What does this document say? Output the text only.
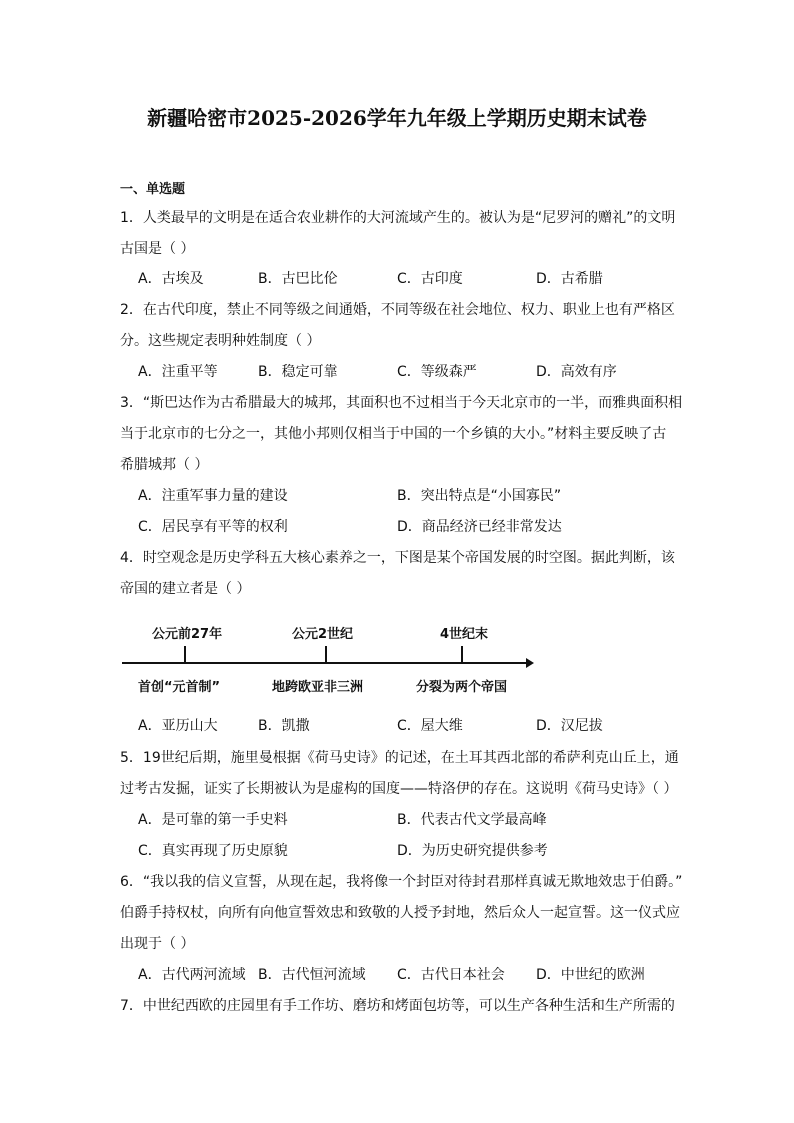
新疆哈密市2025-2026学年九年级上学期历史期末试卷
一、单选题
1．人类最早的文明是在适合农业耕作的大河流域产生的。被认为是“尼罗河的赠礼”的文明
古国是（ ）
A．古埃及	B．古巴比伦	C．古印度	D．古希腊
2．在古代印度，禁止不同等级之间通婚，不同等级在社会地位、权力、职业上也有严格区
分。这些规定表明种姓制度（ ）
A．注重平等	B．稳定可靠	C．等级森严	D．高效有序
3．“斯巴达作为古希腊最大的城邦，其面积也不过相当于今天北京市的一半，而雅典面积相
当于北京市的七分之一，其他小邦则仅相当于中国的一个乡镇的大小。”材料主要反映了古
希腊城邦（ ）
A．注重军事力量的建设	B．突出特点是“小国寡民”
C．居民享有平等的权利	D．商品经济已经非常发达
4．时空观念是历史学科五大核心素养之一，下图是某个帝国发展的时空图。据此判断，该
帝国的建立者是（ ）
公元前27年	公元2世纪	4世纪末
首创“元首制”	地跨欧亚非三洲	分裂为两个帝国
A．亚历山大	B．凯撒	C．屋大维	D．汉尼拔
5．19世纪后期，施里曼根据《荷马史诗》的记述，在土耳其西北部的希萨利克山丘上，通
过考古发掘，证实了长期被认为是虚构的国度——特洛伊的存在。这说明《荷马史诗》（ ）
A．是可靠的第一手史料	B．代表古代文学最高峰
C．真实再现了历史原貌	D．为历史研究提供参考
6．“我以我的信义宣誓，从现在起，我将像一个封臣对待封君那样真诚无欺地效忠于伯爵。”
伯爵手持权杖，向所有向他宣誓效忠和致敬的人授予封地，然后众人一起宣誓。这一仪式应
出现于（ ）
A．古代两河流域 B．古代恒河流域 C．古代日本社会 D．中世纪的欧洲
7．中世纪西欧的庄园里有手工作坊、磨坊和烤面包坊等，可以生产各种生活和生产所需的
